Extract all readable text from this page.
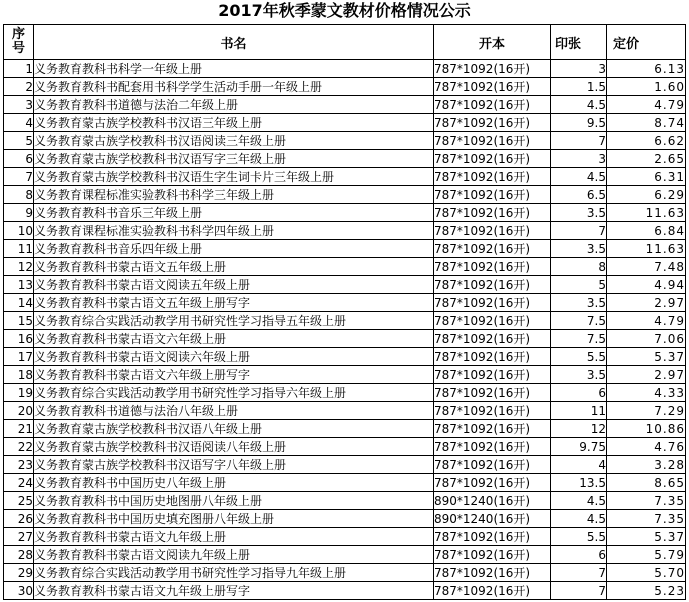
2017年秋季蒙文教材价格情况公示
序
号	书名	开本	印张	定价
1	义务教育教科书科学一年级上册	787*1092(16开)	3	6.13
2	义务教育教科书配套用书科学学生活动手册一年级上册	787*1092(16开)	1.5	1.60
3	义务教育教科书道德与法治二年级上册	787*1092(16开)	4.5	4.79
4	义务教育蒙古族学校教科书汉语三年级上册	787*1092(16开)	9.5	8.74
5	义务教育蒙古族学校教科书汉语阅读三年级上册	787*1092(16开)	7	6.62
6	义务教育蒙古族学校教科书汉语写字三年级上册	787*1092(16开)	3	2.65
7	义务教育蒙古族学校教科书汉语生字生词卡片三年级上册	787*1092(16开)	4.5	6.31
8	义务教育课程标准实验教科书科学三年级上册	787*1092(16开)	6.5	6.29
9	义务教育教科书音乐三年级上册	787*1092(16开)	3.5	11.63
10	义务教育课程标准实验教科书科学四年级上册	787*1092(16开)	7	6.84
11	义务教育教科书音乐四年级上册	787*1092(16开)	3.5	11.63
12	义务教育教科书蒙古语文五年级上册	787*1092(16开)	8	7.48
13	义务教育教科书蒙古语文阅读五年级上册	787*1092(16开)	5	4.94
14	义务教育教科书蒙古语文五年级上册写字	787*1092(16开)	3.5	2.97
15	义务教育综合实践活动教学用书研究性学习指导五年级上册	787*1092(16开)	7.5	4.79
16	义务教育教科书蒙古语文六年级上册	787*1092(16开)	7.5	7.06
17	义务教育教科书蒙古语文阅读六年级上册	787*1092(16开)	5.5	5.37
18	义务教育教科书蒙古语文六年级上册写字	787*1092(16开)	3.5	2.97
19	义务教育综合实践活动教学用书研究性学习指导六年级上册	787*1092(16开)	6	4.33
20	义务教育教科书道德与法治八年级上册	787*1092(16开)	11	7.29
21	义务教育蒙古族学校教科书汉语八年级上册	787*1092(16开)	12	10.86
22	义务教育蒙古族学校教科书汉语阅读八年级上册	787*1092(16开)	9.75	4.76
23	义务教育蒙古族学校教科书汉语写字八年级上册	787*1092(16开)	4	3.28
24	义务教育教科书中国历史八年级上册	787*1092(16开)	13.5	8.65
25	义务教育教科书中国历史地图册八年级上册	890*1240(16开)	4.5	7.35
26	义务教育教科书中国历史填充图册八年级上册	890*1240(16开)	4.5	7.35
27	义务教育教科书蒙古语文九年级上册	787*1092(16开)	5.5	5.37
28	义务教育教科书蒙古语文阅读九年级上册	787*1092(16开)	6	5.79
29	义务教育综合实践活动教学用书研究性学习指导九年级上册	787*1092(16开)	7	5.70
30	义务教育教科书蒙古语文九年级上册写字	787*1092(16开)	7	5.23
